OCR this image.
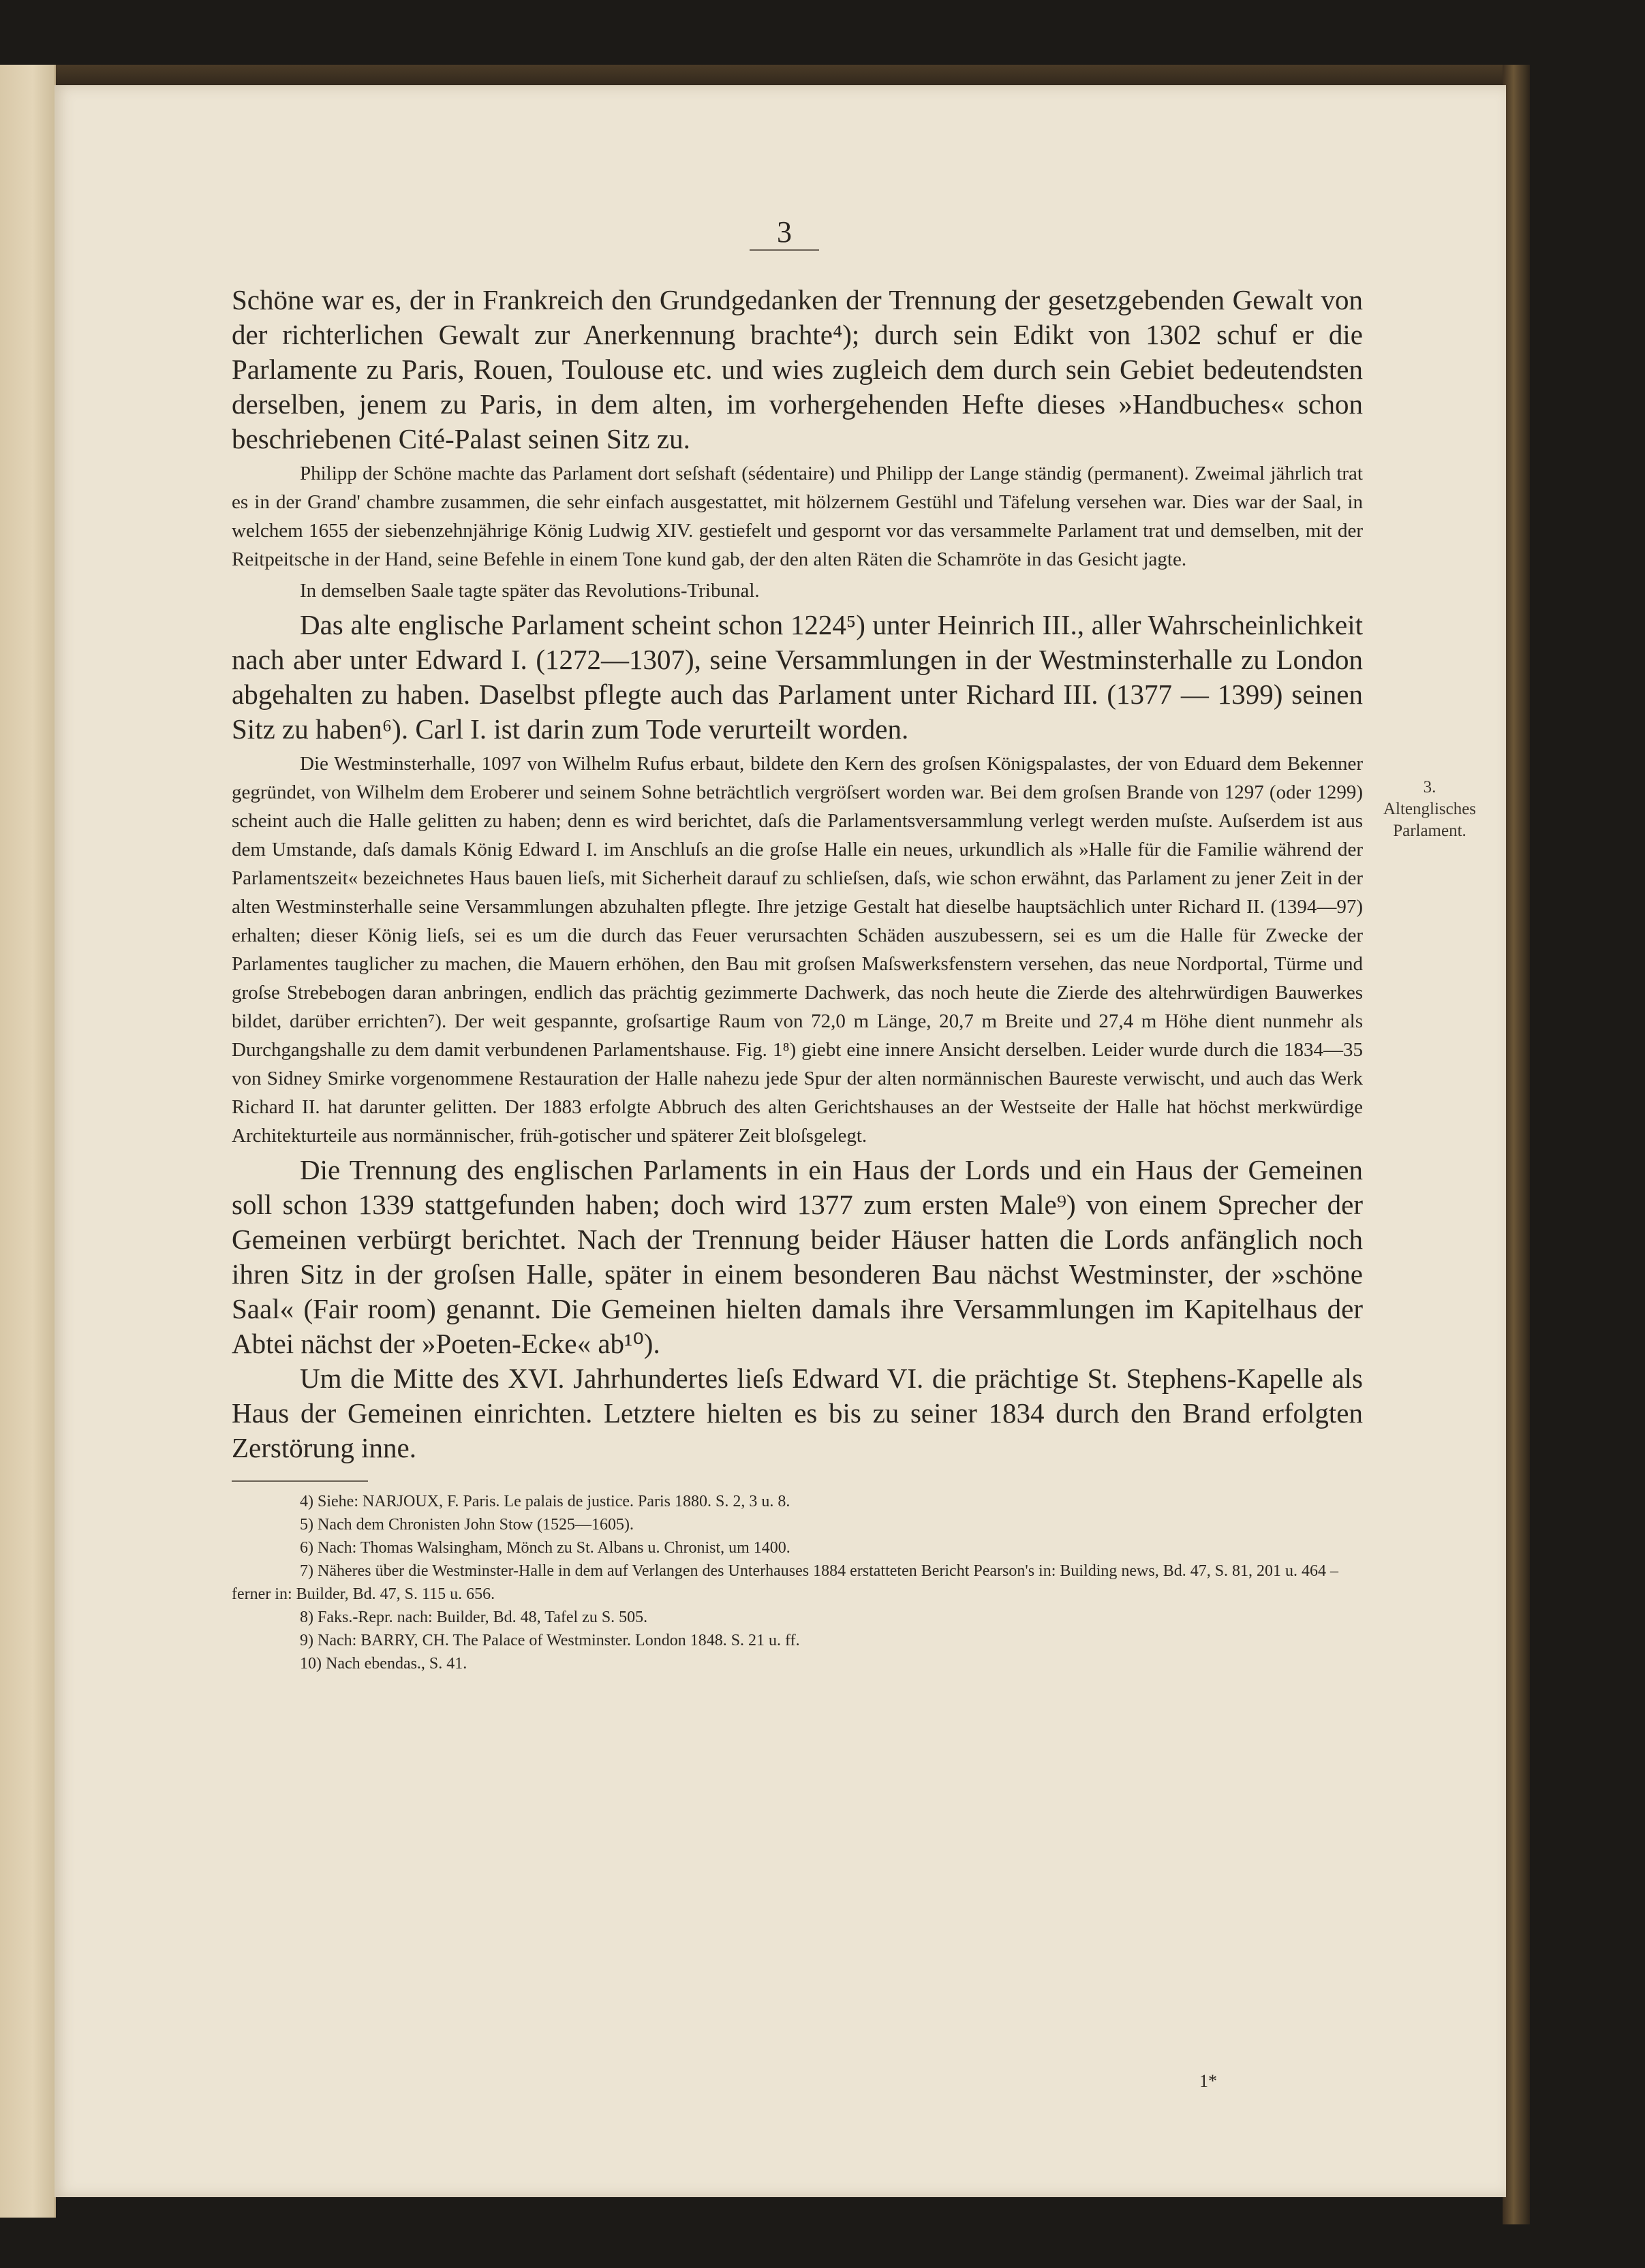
3

Schöne war es, der in Frankreich den Grundgedanken der Trennung der gesetzgebenden Gewalt von der richterlichen Gewalt zur Anerkennung brachte⁴); durch sein Edikt von 1302 schuf er die Parlamente zu Paris, Rouen, Toulouse etc. und wies zugleich dem durch sein Gebiet bedeutendsten derselben, jenem zu Paris, in dem alten, im vorhergehenden Hefte dieses »Handbuches« schon beschriebenen Cité-Palast seinen Sitz zu.

Philipp der Schöne machte das Parlament dort seſshaft (sédentaire) und Philipp der Lange ständig (permanent). Zweimal jährlich trat es in der Grand' chambre zusammen, die sehr einfach ausgestattet, mit hölzernem Gestühl und Täfelung versehen war. Dies war der Saal, in welchem 1655 der siebenzehnjährige König Ludwig XIV. gestiefelt und gespornt vor das versammelte Parlament trat und demselben, mit der Reitpeitsche in der Hand, seine Befehle in einem Tone kund gab, der den alten Räten die Schamröte in das Gesicht jagte.

In demselben Saale tagte später das Revolutions-Tribunal.

Das alte englische Parlament scheint schon 1224⁵) unter Heinrich III., aller Wahrscheinlichkeit nach aber unter Edward I. (1272—1307), seine Versammlungen in der Westminsterhalle zu London abgehalten zu haben. Daselbst pflegte auch das Parlament unter Richard III. (1377 — 1399) seinen Sitz zu haben⁶). Carl I. ist darin zum Tode verurteilt worden.

Die Westminsterhalle, 1097 von Wilhelm Rufus erbaut, bildete den Kern des groſsen Königspalastes, der von Eduard dem Bekenner gegründet, von Wilhelm dem Eroberer und seinem Sohne beträchtlich vergröſsert worden war. Bei dem groſsen Brande von 1297 (oder 1299) scheint auch die Halle gelitten zu haben; denn es wird berichtet, daſs die Parlamentsversammlung verlegt werden muſste. Auſserdem ist aus dem Umstande, daſs damals König Edward I. im Anschluſs an die groſse Halle ein neues, urkundlich als »Halle für die Familie während der Parlamentszeit« bezeichnetes Haus bauen lieſs, mit Sicherheit darauf zu schlieſsen, daſs, wie schon erwähnt, das Parlament zu jener Zeit in der alten Westminsterhalle seine Versammlungen abzuhalten pflegte. Ihre jetzige Gestalt hat dieselbe hauptsächlich unter Richard II. (1394—97) erhalten; dieser König lieſs, sei es um die durch das Feuer verursachten Schäden auszubessern, sei es um die Halle für Zwecke der Parlamentes tauglicher zu machen, die Mauern erhöhen, den Bau mit groſsen Maſswerksfenstern versehen, das neue Nordportal, Türme und groſse Strebebogen daran anbringen, endlich das prächtig gezimmerte Dachwerk, das noch heute die Zierde des altehrwürdigen Bauwerkes bildet, darüber errichten⁷). Der weit gespannte, groſsartige Raum von 72,0 m Länge, 20,7 m Breite und 27,4 m Höhe dient nunmehr als Durchgangshalle zu dem damit verbundenen Parlamentshause. Fig. 1⁸) giebt eine innere Ansicht derselben. Leider wurde durch die 1834—35 von Sidney Smirke vorgenommene Restauration der Halle nahezu jede Spur der alten normännischen Baureste verwischt, und auch das Werk Richard II. hat darunter gelitten. Der 1883 erfolgte Abbruch des alten Gerichtshauses an der Westseite der Halle hat höchst merkwürdige Architekturteile aus normännischer, früh-gotischer und späterer Zeit bloſsgelegt.

Die Trennung des englischen Parlaments in ein Haus der Lords und ein Haus der Gemeinen soll schon 1339 stattgefunden haben; doch wird 1377 zum ersten Male⁹) von einem Sprecher der Gemeinen verbürgt berichtet. Nach der Trennung beider Häuser hatten die Lords anfänglich noch ihren Sitz in der groſsen Halle, später in einem besonderen Bau nächst Westminster, der »schöne Saal« (Fair room) genannt. Die Gemeinen hielten damals ihre Versammlungen im Kapitelhaus der Abtei nächst der »Poeten-Ecke« ab¹⁰).

Um die Mitte des XVI. Jahrhundertes lieſs Edward VI. die prächtige St. Stephens-Kapelle als Haus der Gemeinen einrichten. Letztere hielten es bis zu seiner 1834 durch den Brand erfolgten Zerstörung inne.

4) Siehe: NARJOUX, F. Paris. Le palais de justice. Paris 1880. S. 2, 3 u. 8.

5) Nach dem Chronisten John Stow (1525—1605).

6) Nach: Thomas Walsingham, Mönch zu St. Albans u. Chronist, um 1400.

7) Näheres über die Westminster-Halle in dem auf Verlangen des Unterhauses 1884 erstatteten Bericht Pearson's in: Building news, Bd. 47, S. 81, 201 u. 464 – ferner in: Builder, Bd. 47, S. 115 u. 656.

8) Faks.-Repr. nach: Builder, Bd. 48, Tafel zu S. 505.

9) Nach: BARRY, CH. The Palace of Westminster. London 1848. S. 21 u. ff.

10) Nach ebendas., S. 41.

3.
Altenglisches
Parlament.
1*
